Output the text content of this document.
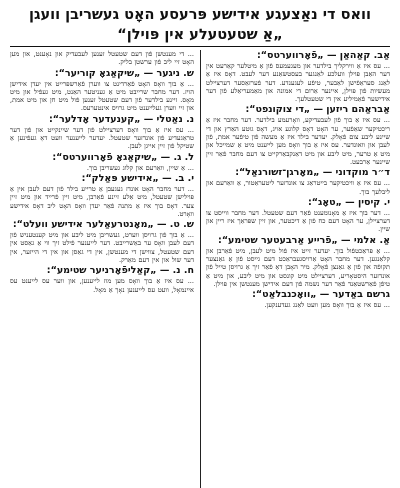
וואס די נאַצעגע אידישע פּרעסע האָט געשריבן וועגן
„אַ שטעטעלע אין פּוילן“
אַב. קאַהאַן — „פֿאָרווערטס“:
... עס איז אַ ווירקליך בילדער און מעגעמעס פֿון אַ מיטלער קאַרעט אין דער האַבן פּוילן וועלכע לאַנגער בעסטשאַנע דער לעבט. דאָס איז אַ לאַנג סעראַפֿישן לאַבער, טיפֿע לעגענדע. דער פֿערזאַסער דערציילט מעשיות פֿון פּוילן, איינער אַרום די אמונה און מאַמעריאַלע פֿון דער אידישער פֿאַמיליע אין די שטעטלעך.
אַבראַהם ריזען — „די צוקונפט“:
... עס איז אַ בוך פֿון לעבעדיקע, וואָרעמע בילדער. דער מחבר איז אַ ריכטיקער שאַפֿער, ער האָט דאָס קלוגע אויג, דאָס גוטע האַרץ און די שיינע ליבע צום פֿאָלק. יעדער בילד איז אַ מעשה פֿון טיפֿער אמת, פֿון לעבן און וואונדער. עס איז אַ בוך וואָס מען לייענט מיט אַ שמייכל און מיט אַ טרער, מיט ליבע און מיט דאַנקבאַרקייט צו דעם מחבר פֿאַר זיין שיינער אַרבעט.
ד״ר מוקדוני — „מאָרגן־זשורנאַל“:
... עס איז אַ וויכטיקער בייטראַג צו אונדזער ליטעראַטור, אַ וואַרעם און ליבלעך בוך.
י. קיסין — „טאָג“:
... דער בוך איז אַ מאָנומענט פֿאַר דעם שטעטל. דער מחבר ווייסט צו דערציילן, ער האָט דעם כח פֿון אַ דיכטער, און זיין שפּראַך איז ריין און שיין.
אַ. אלמי — „פֿרייע אַרבעטער שטימע“:
... אַ פּראַכטפֿול בוך. יעדער זייט איז פֿול מיט לעבן, מיט פֿאַרבן און קלאַנגען. דער מחבר האָט אַרויסגעבראַכט דעם גייסט פֿון אַ גאַנצער תקופֿה און פֿון אַ גאַנצן פֿאָלק. מיר האָבן דאָ פֿאַר זיך אַ גרויסן טייל פֿון אונדזער היסטאָריע, דערציילט מיט קונסט און מיט ליבע, און מיט אַ טיפֿן פֿאַרשטאַנד פֿאַר דער נשמה פֿון דעם אידישן מענטשן אין פּוילן.
גרשם באַדער — „וואָכנבלאַט“:
... עס איז אַ בוך וואָס מען וועט לאַנג געדענקען.
... די מענטשן פֿון דעם שטעטל זענען לעבעדיק און נאָענט, און מען האָט זיי ליב פֿון ערשטן בליק.
ש. ניגער — „שיקאַגאָ קוריער“:
... אַ בוך וואָס האָט פֿאַרדינט צו ווערן פֿאַרשפּרייט אין יעדן אידישן הויז. דער מחבר שרייבט מיט אַ געניטער האַנט, מיט געפֿיל און מיט מאָס. זיינע בילדער פֿון דעם שטעטל זענען פֿול מיט חן און מיט אמת, און זיי ווערן געלייענט מיט גרויס אינטערעס.
נ. נאַטלי — „קענעדער אָדלער“:
... עס איז אַ בוך וואָס דערציילט פֿון דער שיינקייט און פֿון דער טראַגעדיע פֿון אונדזער שטעטל. יעדער לייענער וועט דאָ געפֿינען אַ שטיקל פֿון זיין אייגן לעבן.
ל. ג. — „שיקאַגאָ פֿאָרווערטס“:
... אַ שיין, וואַרעם און קלוג געשריבן בוך.
י. ב. — „אידישע פּאַלק“:
... דער מחבר האָט אונדז געגעבן אַ טרייע בילד פֿון דעם לעבן אין אַ פּוילישן שטעטל, מיט אַלע זיינע פֿאַרבן, מיט זיין פֿרייד און מיט זיין צער. דאָס בוך איז אַ מתנה פֿאַר יעדן וואָס האָט ליב דאָס אידישע וואָרט.
ש. ט. — „מאָנטרעאַלער אידישע וועלט“:
... אַ בוך פֿון גרויסן ווערט, געשריבן מיט ליבע און מיט קענטעניש פֿון דעם לעבן וואָס ער באַשרייבט. דער לייענער פֿילט זיך ווי אַ גאַסט אין דעם שטעטל, צווישן די מענטשן, אין די גאַסן און אין די הייזער, אין דער שול און אין דעם מאַרק.
ח. נ. — „קאַליפֿאָרניער שטימע“:
... עס איז אַ בוך וואָס מען מוז לייענען, און ווער עס לייענט עס איינמאָל, וועט עס לייענען נאָך אַ מאָל.
